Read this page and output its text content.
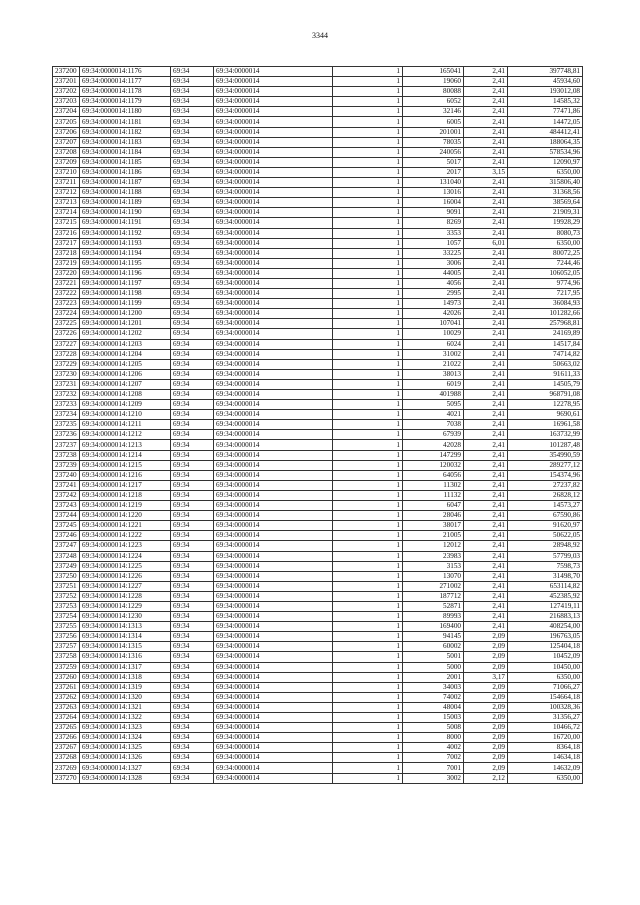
3344
237200	69:34:0000014:1176	69:34	69:34:0000014	1	165041	2,41	397748,81
237201	69:34:0000014:1177	69:34	69:34:0000014	1	19060	2,41	45934,60
237202	69:34:0000014:1178	69:34	69:34:0000014	1	80088	2,41	193012,08
237203	69:34:0000014:1179	69:34	69:34:0000014	1	6052	2,41	14585,32
237204	69:34:0000014:1180	69:34	69:34:0000014	1	32146	2,41	77471,86
237205	69:34:0000014:1181	69:34	69:34:0000014	1	6005	2,41	14472,05
237206	69:34:0000014:1182	69:34	69:34:0000014	1	201001	2,41	484412,41
237207	69:34:0000014:1183	69:34	69:34:0000014	1	78035	2,41	188064,35
237208	69:34:0000014:1184	69:34	69:34:0000014	1	240056	2,41	578534,96
237209	69:34:0000014:1185	69:34	69:34:0000014	1	5017	2,41	12090,97
237210	69:34:0000014:1186	69:34	69:34:0000014	1	2017	3,15	6350,00
237211	69:34:0000014:1187	69:34	69:34:0000014	1	131040	2,41	315806,40
237212	69:34:0000014:1188	69:34	69:34:0000014	1	13016	2,41	31368,56
237213	69:34:0000014:1189	69:34	69:34:0000014	1	16004	2,41	38569,64
237214	69:34:0000014:1190	69:34	69:34:0000014	1	9091	2,41	21909,31
237215	69:34:0000014:1191	69:34	69:34:0000014	1	8269	2,41	19928,29
237216	69:34:0000014:1192	69:34	69:34:0000014	1	3353	2,41	8080,73
237217	69:34:0000014:1193	69:34	69:34:0000014	1	1057	6,01	6350,00
237218	69:34:0000014:1194	69:34	69:34:0000014	1	33225	2,41	80072,25
237219	69:34:0000014:1195	69:34	69:34:0000014	1	3006	2,41	7244,46
237220	69:34:0000014:1196	69:34	69:34:0000014	1	44005	2,41	106052,05
237221	69:34:0000014:1197	69:34	69:34:0000014	1	4056	2,41	9774,96
237222	69:34:0000014:1198	69:34	69:34:0000014	1	2995	2,41	7217,95
237223	69:34:0000014:1199	69:34	69:34:0000014	1	14973	2,41	36084,93
237224	69:34:0000014:1200	69:34	69:34:0000014	1	42026	2,41	101282,66
237225	69:34:0000014:1201	69:34	69:34:0000014	1	107041	2,41	257968,81
237226	69:34:0000014:1202	69:34	69:34:0000014	1	10029	2,41	24169,89
237227	69:34:0000014:1203	69:34	69:34:0000014	1	6024	2,41	14517,84
237228	69:34:0000014:1204	69:34	69:34:0000014	1	31002	2,41	74714,82
237229	69:34:0000014:1205	69:34	69:34:0000014	1	21022	2,41	50663,02
237230	69:34:0000014:1206	69:34	69:34:0000014	1	38013	2,41	91611,33
237231	69:34:0000014:1207	69:34	69:34:0000014	1	6019	2,41	14505,79
237232	69:34:0000014:1208	69:34	69:34:0000014	1	401988	2,41	968791,08
237233	69:34:0000014:1209	69:34	69:34:0000014	1	5095	2,41	12278,95
237234	69:34:0000014:1210	69:34	69:34:0000014	1	4021	2,41	9690,61
237235	69:34:0000014:1211	69:34	69:34:0000014	1	7038	2,41	16961,58
237236	69:34:0000014:1212	69:34	69:34:0000014	1	67939	2,41	163732,99
237237	69:34:0000014:1213	69:34	69:34:0000014	1	42028	2,41	101287,48
237238	69:34:0000014:1214	69:34	69:34:0000014	1	147299	2,41	354990,59
237239	69:34:0000014:1215	69:34	69:34:0000014	1	120032	2,41	289277,12
237240	69:34:0000014:1216	69:34	69:34:0000014	1	64056	2,41	154374,96
237241	69:34:0000014:1217	69:34	69:34:0000014	1	11302	2,41	27237,82
237242	69:34:0000014:1218	69:34	69:34:0000014	1	11132	2,41	26828,12
237243	69:34:0000014:1219	69:34	69:34:0000014	1	6047	2,41	14573,27
237244	69:34:0000014:1220	69:34	69:34:0000014	1	28046	2,41	67590,86
237245	69:34:0000014:1221	69:34	69:34:0000014	1	38017	2,41	91620,97
237246	69:34:0000014:1222	69:34	69:34:0000014	1	21005	2,41	50622,05
237247	69:34:0000014:1223	69:34	69:34:0000014	1	12012	2,41	28948,92
237248	69:34:0000014:1224	69:34	69:34:0000014	1	23983	2,41	57799,03
237249	69:34:0000014:1225	69:34	69:34:0000014	1	3153	2,41	7598,73
237250	69:34:0000014:1226	69:34	69:34:0000014	1	13070	2,41	31498,70
237251	69:34:0000014:1227	69:34	69:34:0000014	1	271002	2,41	653114,82
237252	69:34:0000014:1228	69:34	69:34:0000014	1	187712	2,41	452385,92
237253	69:34:0000014:1229	69:34	69:34:0000014	1	52871	2,41	127419,11
237254	69:34:0000014:1230	69:34	69:34:0000014	1	89993	2,41	216883,13
237255	69:34:0000014:1313	69:34	69:34:0000014	1	169400	2,41	408254,00
237256	69:34:0000014:1314	69:34	69:34:0000014	1	94145	2,09	196763,05
237257	69:34:0000014:1315	69:34	69:34:0000014	1	60002	2,09	125404,18
237258	69:34:0000014:1316	69:34	69:34:0000014	1	5001	2,09	10452,09
237259	69:34:0000014:1317	69:34	69:34:0000014	1	5000	2,09	10450,00
237260	69:34:0000014:1318	69:34	69:34:0000014	1	2001	3,17	6350,00
237261	69:34:0000014:1319	69:34	69:34:0000014	1	34003	2,09	71066,27
237262	69:34:0000014:1320	69:34	69:34:0000014	1	74002	2,09	154664,18
237263	69:34:0000014:1321	69:34	69:34:0000014	1	48004	2,09	100328,36
237264	69:34:0000014:1322	69:34	69:34:0000014	1	15003	2,09	31356,27
237265	69:34:0000014:1323	69:34	69:34:0000014	1	5008	2,09	10466,72
237266	69:34:0000014:1324	69:34	69:34:0000014	1	8000	2,09	16720,00
237267	69:34:0000014:1325	69:34	69:34:0000014	1	4002	2,09	8364,18
237268	69:34:0000014:1326	69:34	69:34:0000014	1	7002	2,09	14634,18
237269	69:34:0000014:1327	69:34	69:34:0000014	1	7001	2,09	14632,09
237270	69:34:0000014:1328	69:34	69:34:0000014	1	3002	2,12	6350,00
